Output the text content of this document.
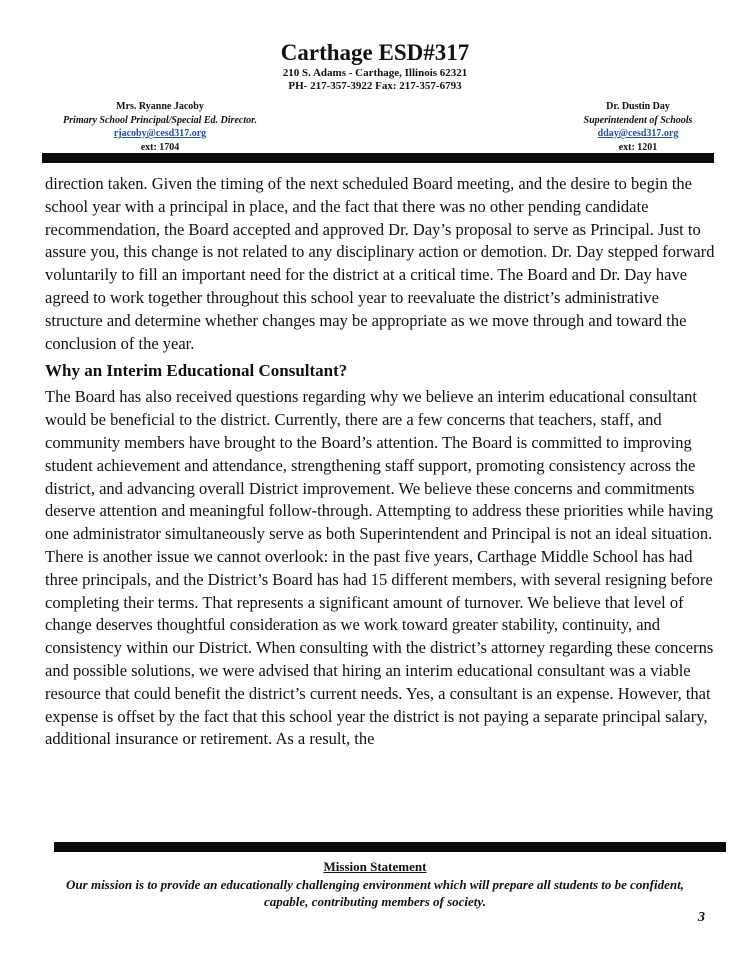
Carthage ESD#317
210 S. Adams - Carthage, Illinois 62321
PH- 217-357-3922 Fax: 217-357-6793
Mrs. Ryanne Jacoby
Primary School Principal/Special Ed. Director.
rjacoby@cesd317.org
ext: 1704
Dr. Dustin Day
Superintendent of Schools
dday@cesd317.org
ext: 1201

direction taken. Given the timing of the next scheduled Board meeting, and the desire to begin the school year with a principal in place, and the fact that there was no other pending candidate recommendation, the Board accepted and approved Dr. Day’s proposal to serve as Principal. Just to assure you, this change is not related to any disciplinary action or demotion. Dr. Day stepped forward voluntarily to fill an important need for the district at a critical time. The Board and Dr. Day have agreed to work together throughout this school year to reevaluate the district’s administrative structure and determine whether changes may be appropriate as we move through and toward the conclusion of the year.

Why an Interim Educational Consultant?

The Board has also received questions regarding why we believe an interim educational consultant would be beneficial to the district. Currently, there are a few concerns that teachers, staff, and community members have brought to the Board’s attention. The Board is committed to improving student achievement and attendance, strengthening staff support, promoting consistency across the district, and advancing overall District improvement. We believe these concerns and commitments deserve attention and meaningful follow-through. Attempting to address these priorities while having one administrator simultaneously serve as both Superintendent and Principal is not an ideal situation. There is another issue we cannot overlook: in the past five years, Carthage Middle School has had three principals, and the District’s Board has had 15 different members, with several resigning before completing their terms. That represents a significant amount of turnover. We believe that level of change deserves thoughtful consideration as we work toward greater stability, continuity, and consistency within our District. When consulting with the district’s attorney regarding these concerns and possible solutions, we were advised that hiring an interim educational consultant was a viable resource that could benefit the district’s current needs. Yes, a consultant is an expense. However, that expense is offset by the fact that this school year the district is not paying a separate principal salary, additional insurance or retirement. As a result, the

Mission Statement
Our mission is to provide an educationally challenging environment which will prepare all students to be confident, capable, contributing members of society.
3
